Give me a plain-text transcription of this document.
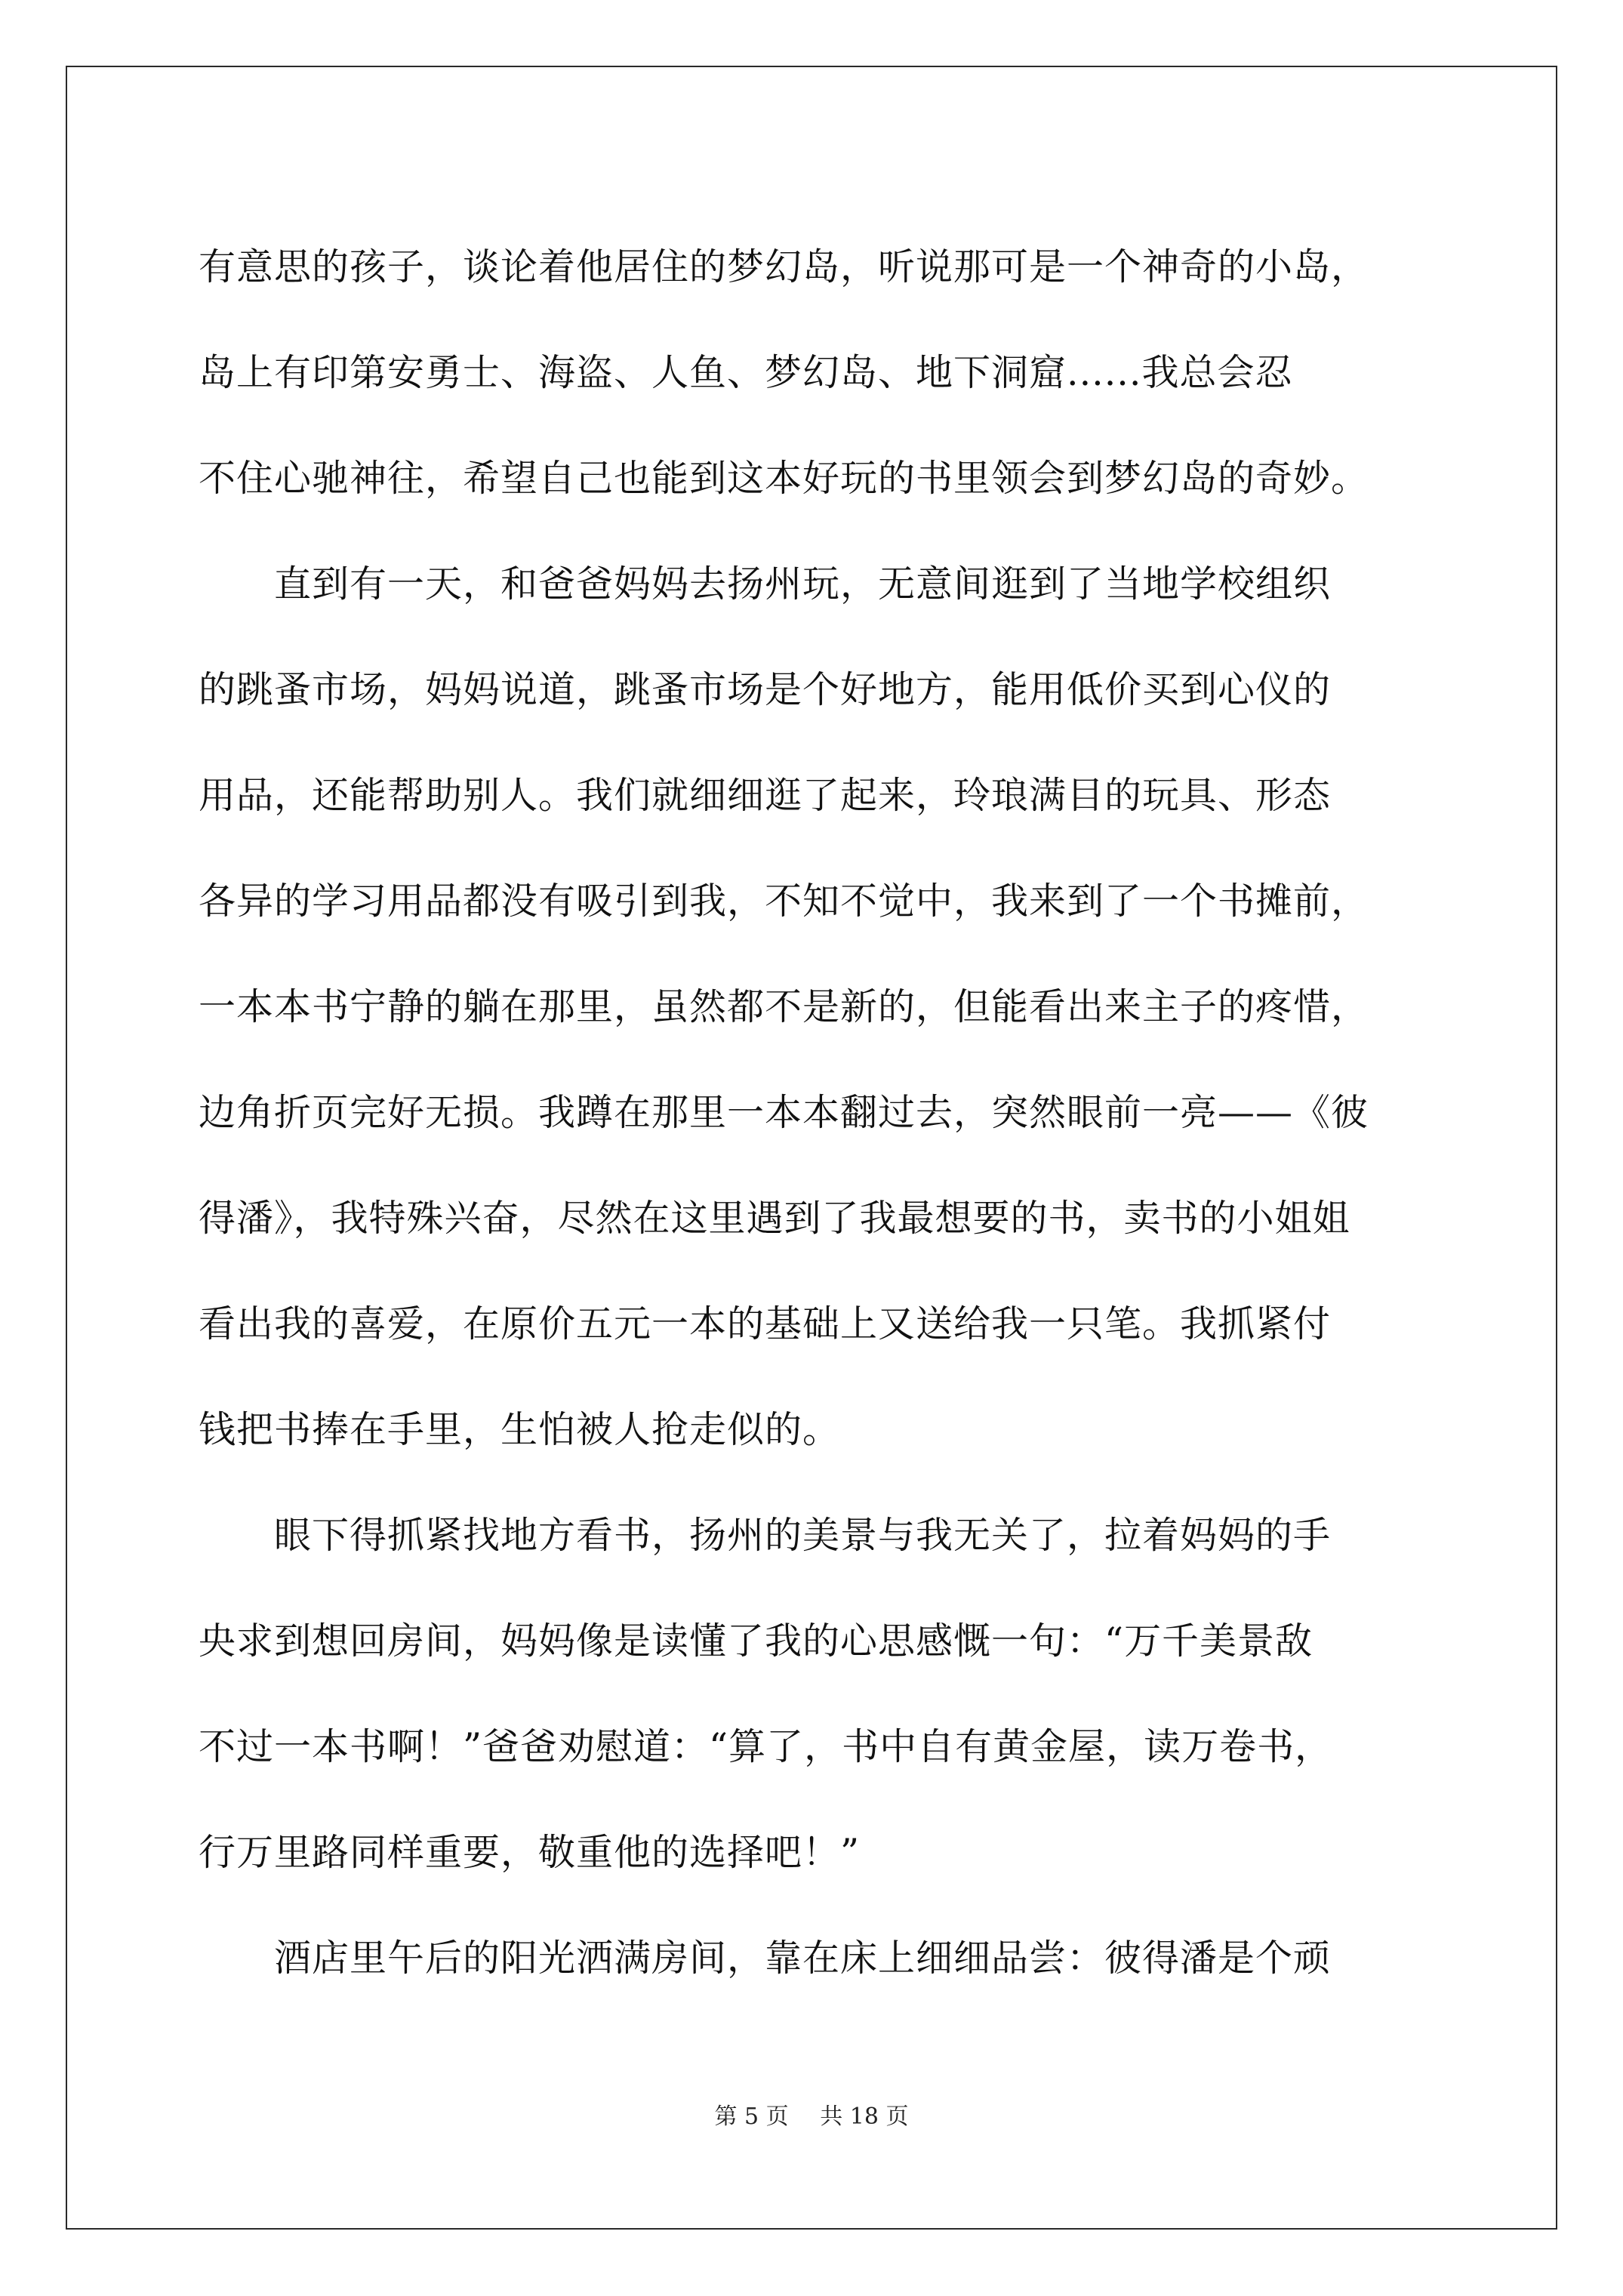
有意思的孩子，谈论着他居住的梦幻岛，听说那可是一个神奇的小岛，
岛上有印第安勇士、海盗、人鱼、梦幻岛、地下洞窟......我总会忍
不住心驰神往，希望自己也能到这本好玩的书里领会到梦幻岛的奇妙。
直到有一天，和爸爸妈妈去扬州玩，无意间逛到了当地学校组织
的跳蚤市场，妈妈说道，跳蚤市场是个好地方，能用低价买到心仪的
用品，还能帮助别人。我们就细细逛了起来，玲琅满目的玩具、形态
各异的学习用品都没有吸引到我，不知不觉中，我来到了一个书摊前，
一本本书宁静的躺在那里，虽然都不是新的，但能看出来主子的疼惜，
边角折页完好无损。我蹲在那里一本本翻过去，突然眼前一亮——《彼
得潘》，我特殊兴奋，尽然在这里遇到了我最想要的书，卖书的小姐姐
看出我的喜爱，在原价五元一本的基础上又送给我一只笔。我抓紧付
钱把书捧在手里，生怕被人抢走似的。
眼下得抓紧找地方看书，扬州的美景与我无关了，拉着妈妈的手
央求到想回房间，妈妈像是读懂了我的心思感慨一句：“万千美景敌
不过一本书啊！”爸爸劝慰道：“算了，书中自有黄金屋，读万卷书，
行万里路同样重要，敬重他的选择吧！”
酒店里午后的阳光洒满房间，靠在床上细细品尝：彼得潘是个顽
第 5 页 共 18 页
